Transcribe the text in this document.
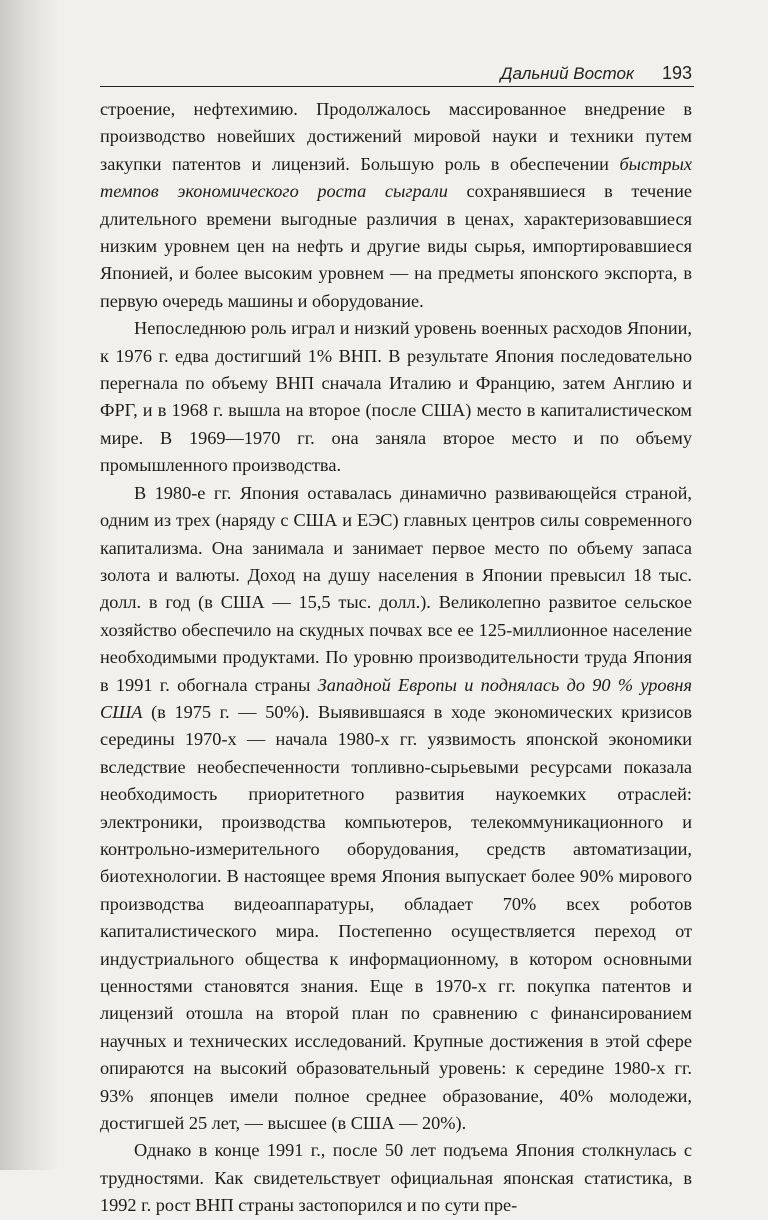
Дальний Восток 193

строение, нефтехимию. Продолжалось массированное внедрение в производство новейших достижений мировой науки и техники путем закупки патентов и лицензий. Большую роль в обеспечении быстрых темпов экономического роста сыграли сохранявшиеся в течение длительного времени выгодные различия в ценах, характеризовавшиеся низким уровнем цен на нефть и другие виды сырья, импортировавшиеся Японией, и более высоким уровнем — на предметы японского экспорта, в первую очередь машины и оборудование.

Непоследнюю роль играл и низкий уровень военных расходов Японии, к 1976 г. едва достигший 1% ВНП. В результате Япония последовательно перегнала по объему ВНП сначала Италию и Францию, затем Англию и ФРГ, и в 1968 г. вышла на второе (после США) место в капиталистическом мире. В 1969—1970 гг. она заняла второе место и по объему промышленного производства.

В 1980-е гг. Япония оставалась динамично развивающейся страной, одним из трех (наряду с США и ЕЭС) главных центров силы современного капитализма. Она занимала и занимает первое место по объему запаса золота и валюты. Доход на душу населения в Японии превысил 18 тыс. долл. в год (в США — 15,5 тыс. долл.). Великолепно развитое сельское хозяйство обеспечило на скудных почвах все ее 125-миллионное население необходимыми продуктами. По уровню производительности труда Япония в 1991 г. обогнала страны Западной Европы и поднялась до 90 % уровня США (в 1975 г. — 50%). Выявившаяся в ходе экономических кризисов середины 1970-х — начала 1980-х гг. уязвимость японской экономики вследствие необеспеченности топливно-сырьевыми ресурсами показала необходимость приоритетного развития наукоемких отраслей: электроники, производства компьютеров, телекоммуникационного и контрольно-измерительного оборудования, средств автоматизации, биотехнологии. В настоящее время Япония выпускает более 90% мирового производства видеоаппаратуры, обладает 70% всех роботов капиталистического мира. Постепенно осуществляется переход от индустриального общества к информационному, в котором основными ценностями становятся знания. Еще в 1970-х гг. покупка патентов и лицензий отошла на второй план по сравнению с финансированием научных и технических исследований. Крупные достижения в этой сфере опираются на высокий образовательный уровень: к середине 1980-х гг. 93% японцев имели полное среднее образование, 40% молодежи, достигшей 25 лет, — высшее (в США — 20%).

Однако в конце 1991 г., после 50 лет подъема Япония столкнулась с трудностями. Как свидетельствует официальная японская статистика, в 1992 г. рост ВНП страны застопорился и по сути пре-
